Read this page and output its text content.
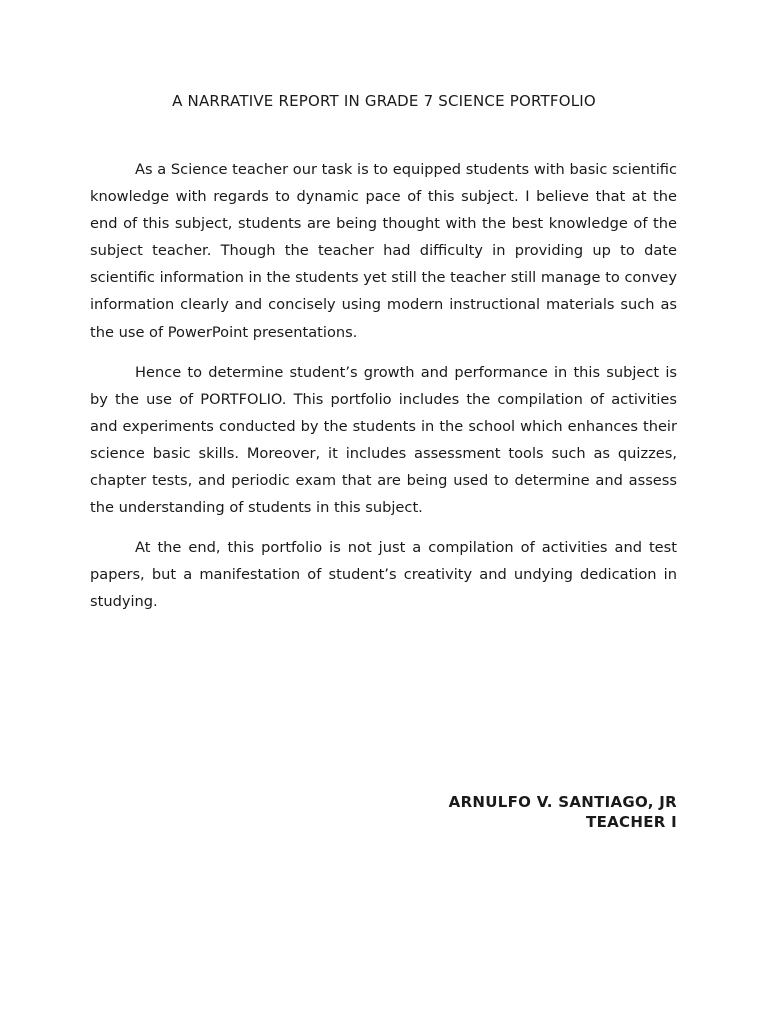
A NARRATIVE REPORT IN GRADE 7 SCIENCE PORTFOLIO

As a Science teacher our task is to equipped students with basic scientific knowledge with regards to dynamic pace of this subject. I believe that at the end of this subject, students are being thought with the best knowledge of the subject teacher. Though the teacher had difficulty in providing up to date scientific information in the students yet still the teacher still manage to convey information clearly and concisely using modern instructional materials such as the use of PowerPoint presentations.

Hence to determine student’s growth and performance in this subject is by the use of PORTFOLIO. This portfolio includes the compilation of activities and experiments conducted by the students in the school which enhances their science basic skills. Moreover, it includes assessment tools such as quizzes, chapter tests, and periodic exam that are being used to determine and assess the understanding of students in this subject.

At the end, this portfolio is not just a compilation of activities and test papers, but a manifestation of student’s creativity and undying dedication in studying.

ARNULFO V. SANTIAGO, JR
TEACHER I
